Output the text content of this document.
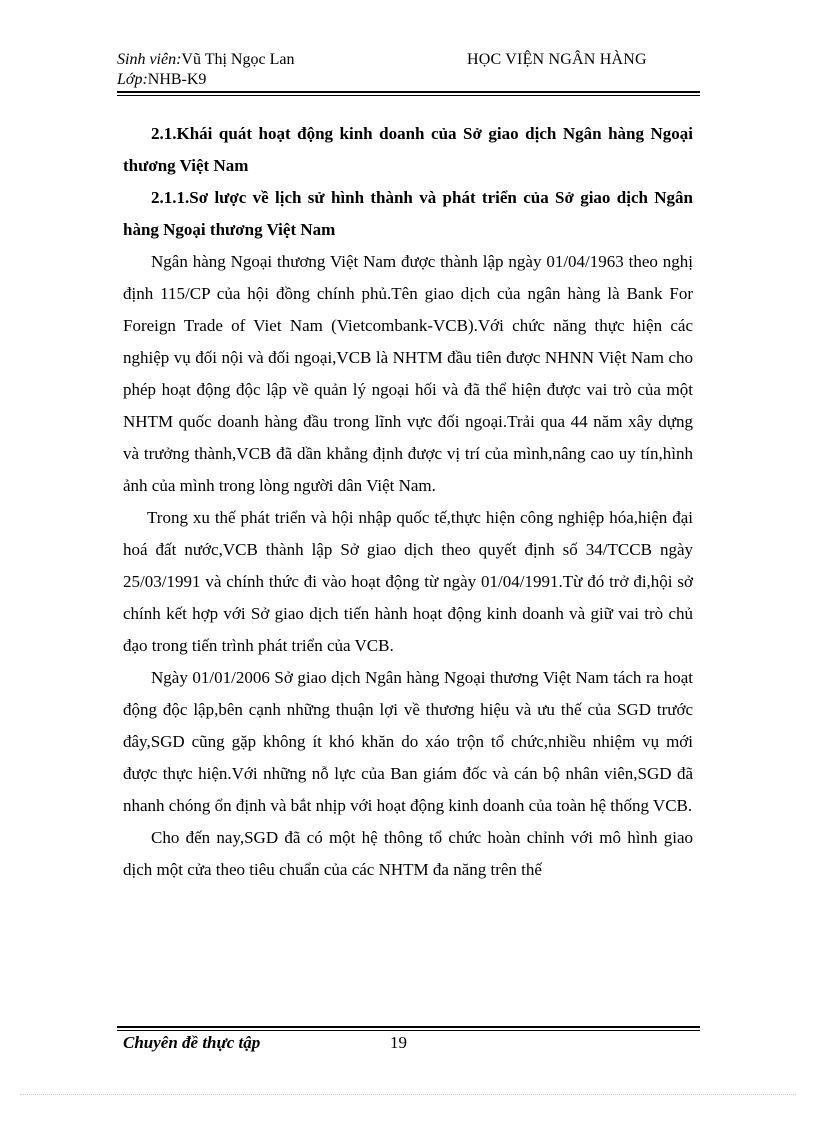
Sinh viên:Vũ Thị Ngọc Lan
Lớp:NHB-K9
HỌC VIỆN NGÂN HÀNG

2.1.Khái quát hoạt động kinh doanh của Sở giao dịch Ngân hàng Ngoại thương Việt Nam

2.1.1.Sơ lược về lịch sử hình thành và phát triển của Sở giao dịch Ngân hàng Ngoại thương Việt Nam

Ngân hàng Ngoại thương Việt Nam được thành lập ngày 01/04/1963 theo nghị định 115/CP của hội đồng chính phủ.Tên giao dịch của ngân hàng là Bank For Foreign Trade of Viet Nam (Vietcombank-VCB).Với chức năng thực hiện các nghiệp vụ đối nội và đối ngoại,VCB là NHTM đầu tiên được NHNN Việt Nam cho phép hoạt động độc lập về quản lý ngoại hối và đã thể hiện được vai trò của một NHTM quốc doanh hàng đầu trong lĩnh vực đối ngoại.Trải qua 44 năm xây dựng và trưởng thành,VCB đã dần khẳng định được vị trí của mình,nâng cao uy tín,hình ảnh của mình trong lòng người dân Việt Nam.

Trong xu thế phát triển và hội nhập quốc tế,thực hiện công nghiệp hóa,hiện đại hoá đất nước,VCB thành lập Sở giao dịch theo quyết định số 34/TCCB ngày 25/03/1991 và chính thức đi vào hoạt động từ ngày 01/04/1991.Từ đó trở đi,hội sở chính kết hợp với Sở giao dịch tiến hành hoạt động kinh doanh và giữ vai trò chủ đạo trong tiến trình phát triển của VCB.

Ngày 01/01/2006 Sở giao dịch Ngân hàng Ngoại thương Việt Nam tách ra hoạt động độc lập,bên cạnh những thuận lợi về thương hiệu và ưu thế của SGD trước đây,SGD cũng gặp không ít khó khăn do xáo trộn tổ chức,nhiều nhiệm vụ mới được thực hiện.Với những nỗ lực của Ban giám đốc và cán bộ nhân viên,SGD đã nhanh chóng ổn định và bắt nhịp với hoạt động kinh doanh của toàn hệ thống VCB.

Cho đến nay,SGD đã có một hệ thông tổ chức hoàn chỉnh với mô hình giao dịch một cửa theo tiêu chuẩn của các NHTM đa năng trên thế

Chuyên đề thực tập	19
